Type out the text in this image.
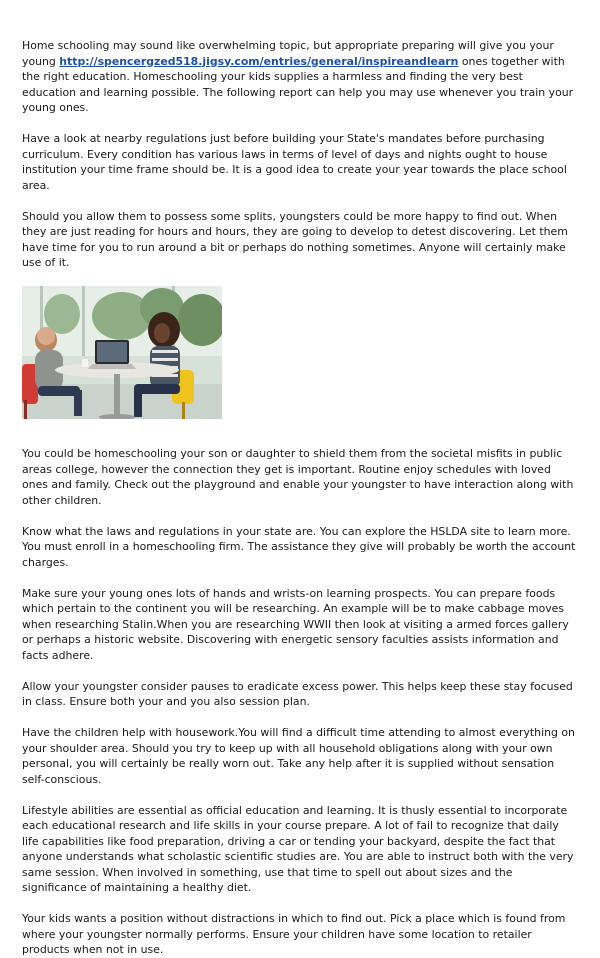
Home schooling may sound like overwhelming topic, but appropriate preparing will give you your young http://spencergzed518.jigsy.com/entries/general/inspireandlearn ones together with the right education. Homeschooling your kids supplies a harmless and finding the very best education and learning possible. The following report can help you may use whenever you train your young ones.

Have a look at nearby regulations just before building your State's mandates before purchasing curriculum. Every condition has various laws in terms of level of days and nights ought to house institution your time frame should be. It is a good idea to create your year towards the place school area.

Should you allow them to possess some splits, youngsters could be more happy to find out. When they are just reading for hours and hours, they are going to develop to detest discovering. Let them have time for you to run around a bit or perhaps do nothing sometimes. Anyone will certainly make use of it.

You could be homeschooling your son or daughter to shield them from the societal misfits in public areas college, however the connection they get is important. Routine enjoy schedules with loved ones and family. Check out the playground and enable your youngster to have interaction along with other children.

Know what the laws and regulations in your state are. You can explore the HSLDA site to learn more. You must enroll in a homeschooling firm. The assistance they give will probably be worth the account charges.

Make sure your young ones lots of hands and wrists-on learning prospects. You can prepare foods which pertain to the continent you will be researching. An example will be to make cabbage moves when researching Stalin.When you are researching WWII then look at visiting a armed forces gallery or perhaps a historic website. Discovering with energetic sensory faculties assists information and facts adhere.

Allow your youngster consider pauses to eradicate excess power. This helps keep these stay focused in class. Ensure both your and you also session plan.

Have the children help with housework.You will find a difficult time attending to almost everything on your shoulder area. Should you try to keep up with all household obligations along with your own personal, you will certainly be really worn out. Take any help after it is supplied without sensation self-conscious.

Lifestyle abilities are essential as official education and learning. It is thusly essential to incorporate each educational research and life skills in your course prepare. A lot of fail to recognize that daily life capabilities like food preparation, driving a car or tending your backyard, despite the fact that anyone understands what scholastic scientific studies are. You are able to instruct both with the very same session. When involved in something, use that time to spell out about sizes and the significance of maintaining a healthy diet.

Your kids wants a position without distractions in which to find out. Pick a place which is found from where your youngster normally performs. Ensure your children have some location to retailer products when not in use.
